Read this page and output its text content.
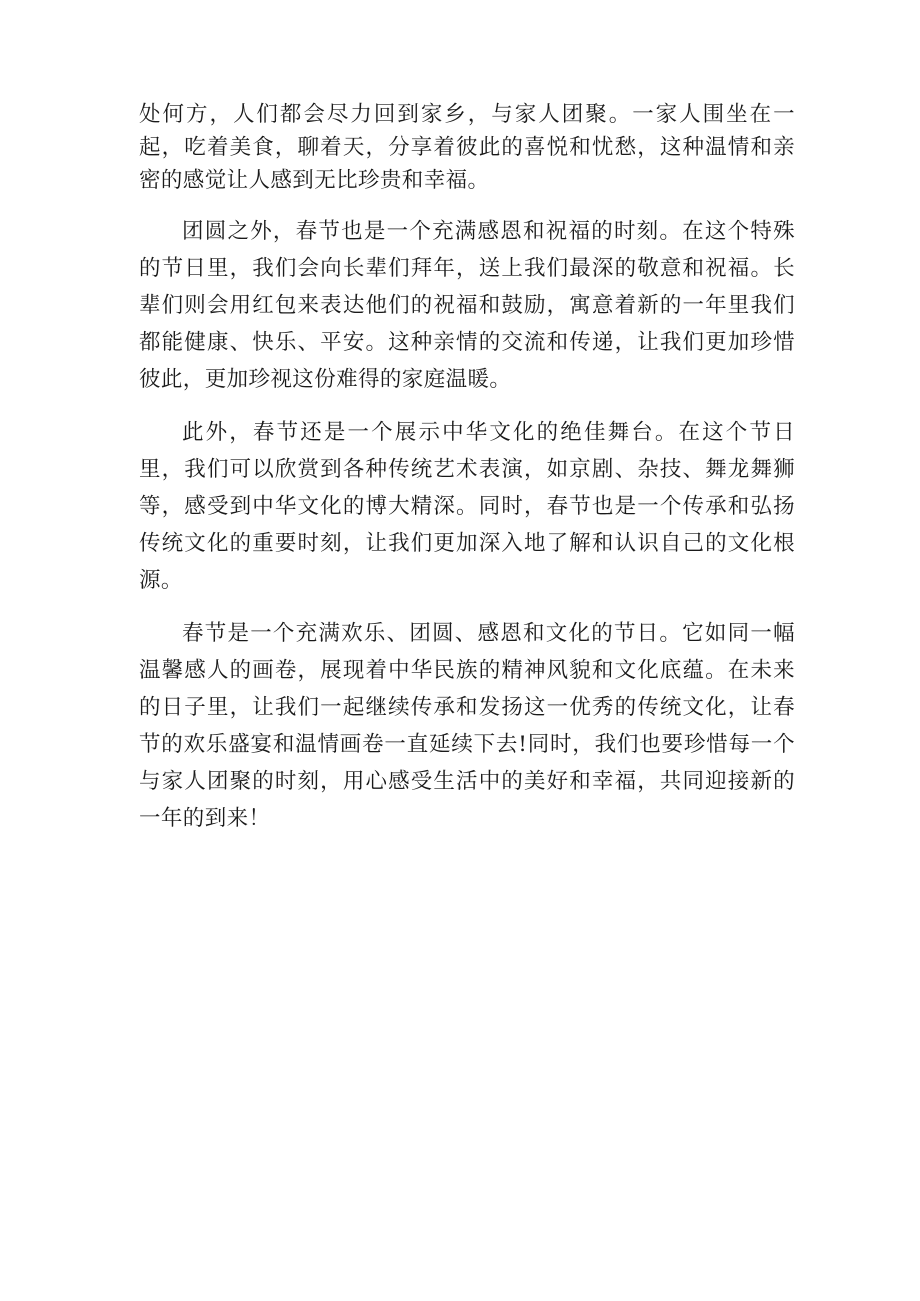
处何方，人们都会尽力回到家乡，与家人团聚。一家人围坐在一起，吃着美食，聊着天，分享着彼此的喜悦和忧愁，这种温情和亲密的感觉让人感到无比珍贵和幸福。

团圆之外，春节也是一个充满感恩和祝福的时刻。在这个特殊的节日里，我们会向长辈们拜年，送上我们最深的敬意和祝福。长辈们则会用红包来表达他们的祝福和鼓励，寓意着新的一年里我们都能健康、快乐、平安。这种亲情的交流和传递，让我们更加珍惜彼此，更加珍视这份难得的家庭温暖。

此外，春节还是一个展示中华文化的绝佳舞台。在这个节日里，我们可以欣赏到各种传统艺术表演，如京剧、杂技、舞龙舞狮等，感受到中华文化的博大精深。同时，春节也是一个传承和弘扬传统文化的重要时刻，让我们更加深入地了解和认识自己的文化根源。

春节是一个充满欢乐、团圆、感恩和文化的节日。它如同一幅温馨感人的画卷，展现着中华民族的精神风貌和文化底蕴。在未来的日子里，让我们一起继续传承和发扬这一优秀的传统文化，让春节的欢乐盛宴和温情画卷一直延续下去!同时，我们也要珍惜每一个与家人团聚的时刻，用心感受生活中的美好和幸福，共同迎接新的一年的到来！
